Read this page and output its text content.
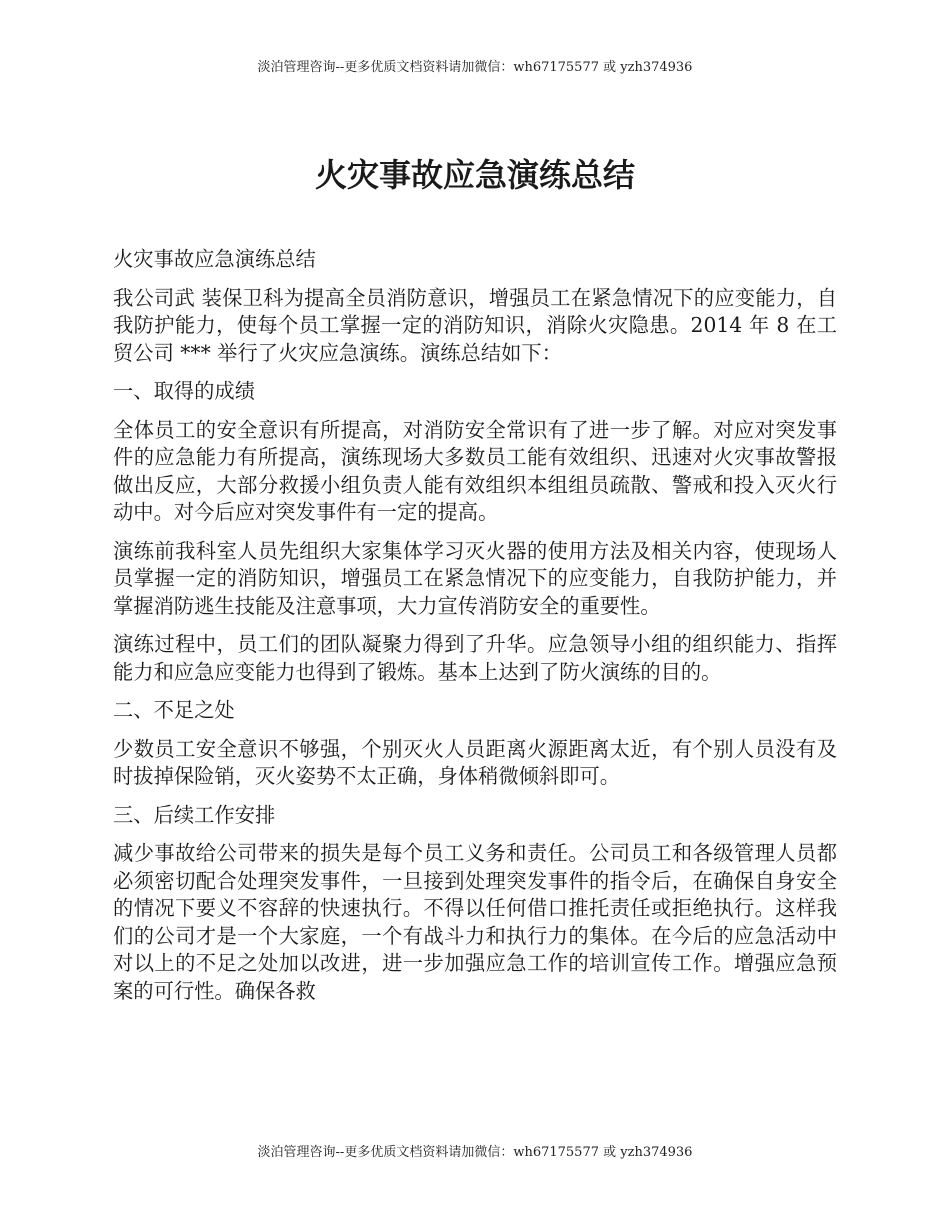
淡泊管理咨询--更多优质文档资料请加微信：wh67175577 或 yzh374936
火灾事故应急演练总结

火灾事故应急演练总结

我公司武 装保卫科为提高全员消防意识，增强员工在紧急情况下的应变能力，自我防护能力，使每个员工掌握一定的消防知识，消除火灾隐患。2014 年 8 在工贸公司 *** 举行了火灾应急演练。演练总结如下：

一、取得的成绩

全体员工的安全意识有所提高，对消防安全常识有了进一步了解。对应对突发事件的应急能力有所提高，演练现场大多数员工能有效组织、迅速对火灾事故警报做出反应，大部分救援小组负责人能有效组织本组组员疏散、警戒和投入灭火行动中。对今后应对突发事件有一定的提高。

演练前我科室人员先组织大家集体学习灭火器的使用方法及相关内容，使现场人员掌握一定的消防知识，增强员工在紧急情况下的应变能力，自我防护能力，并掌握消防逃生技能及注意事项，大力宣传消防安全的重要性。

演练过程中，员工们的团队凝聚力得到了升华。应急领导小组的组织能力、指挥能力和应急应变能力也得到了锻炼。基本上达到了防火演练的目的。

二、不足之处

少数员工安全意识不够强，个别灭火人员距离火源距离太近，有个别人员没有及时拔掉保险销，灭火姿势不太正确，身体稍微倾斜即可。

三、后续工作安排

减少事故给公司带来的损失是每个员工义务和责任。公司员工和各级管理人员都必须密切配合处理突发事件，一旦接到处理突发事件的指令后，在确保自身安全的情况下要义不容辞的快速执行。不得以任何借口推托责任或拒绝执行。这样我们的公司才是一个大家庭，一个有战斗力和执行力的集体。在今后的应急活动中对以上的不足之处加以改进，进一步加强应急工作的培训宣传工作。增强应急预案的可行性。确保各救

淡泊管理咨询--更多优质文档资料请加微信：wh67175577 或 yzh374936
